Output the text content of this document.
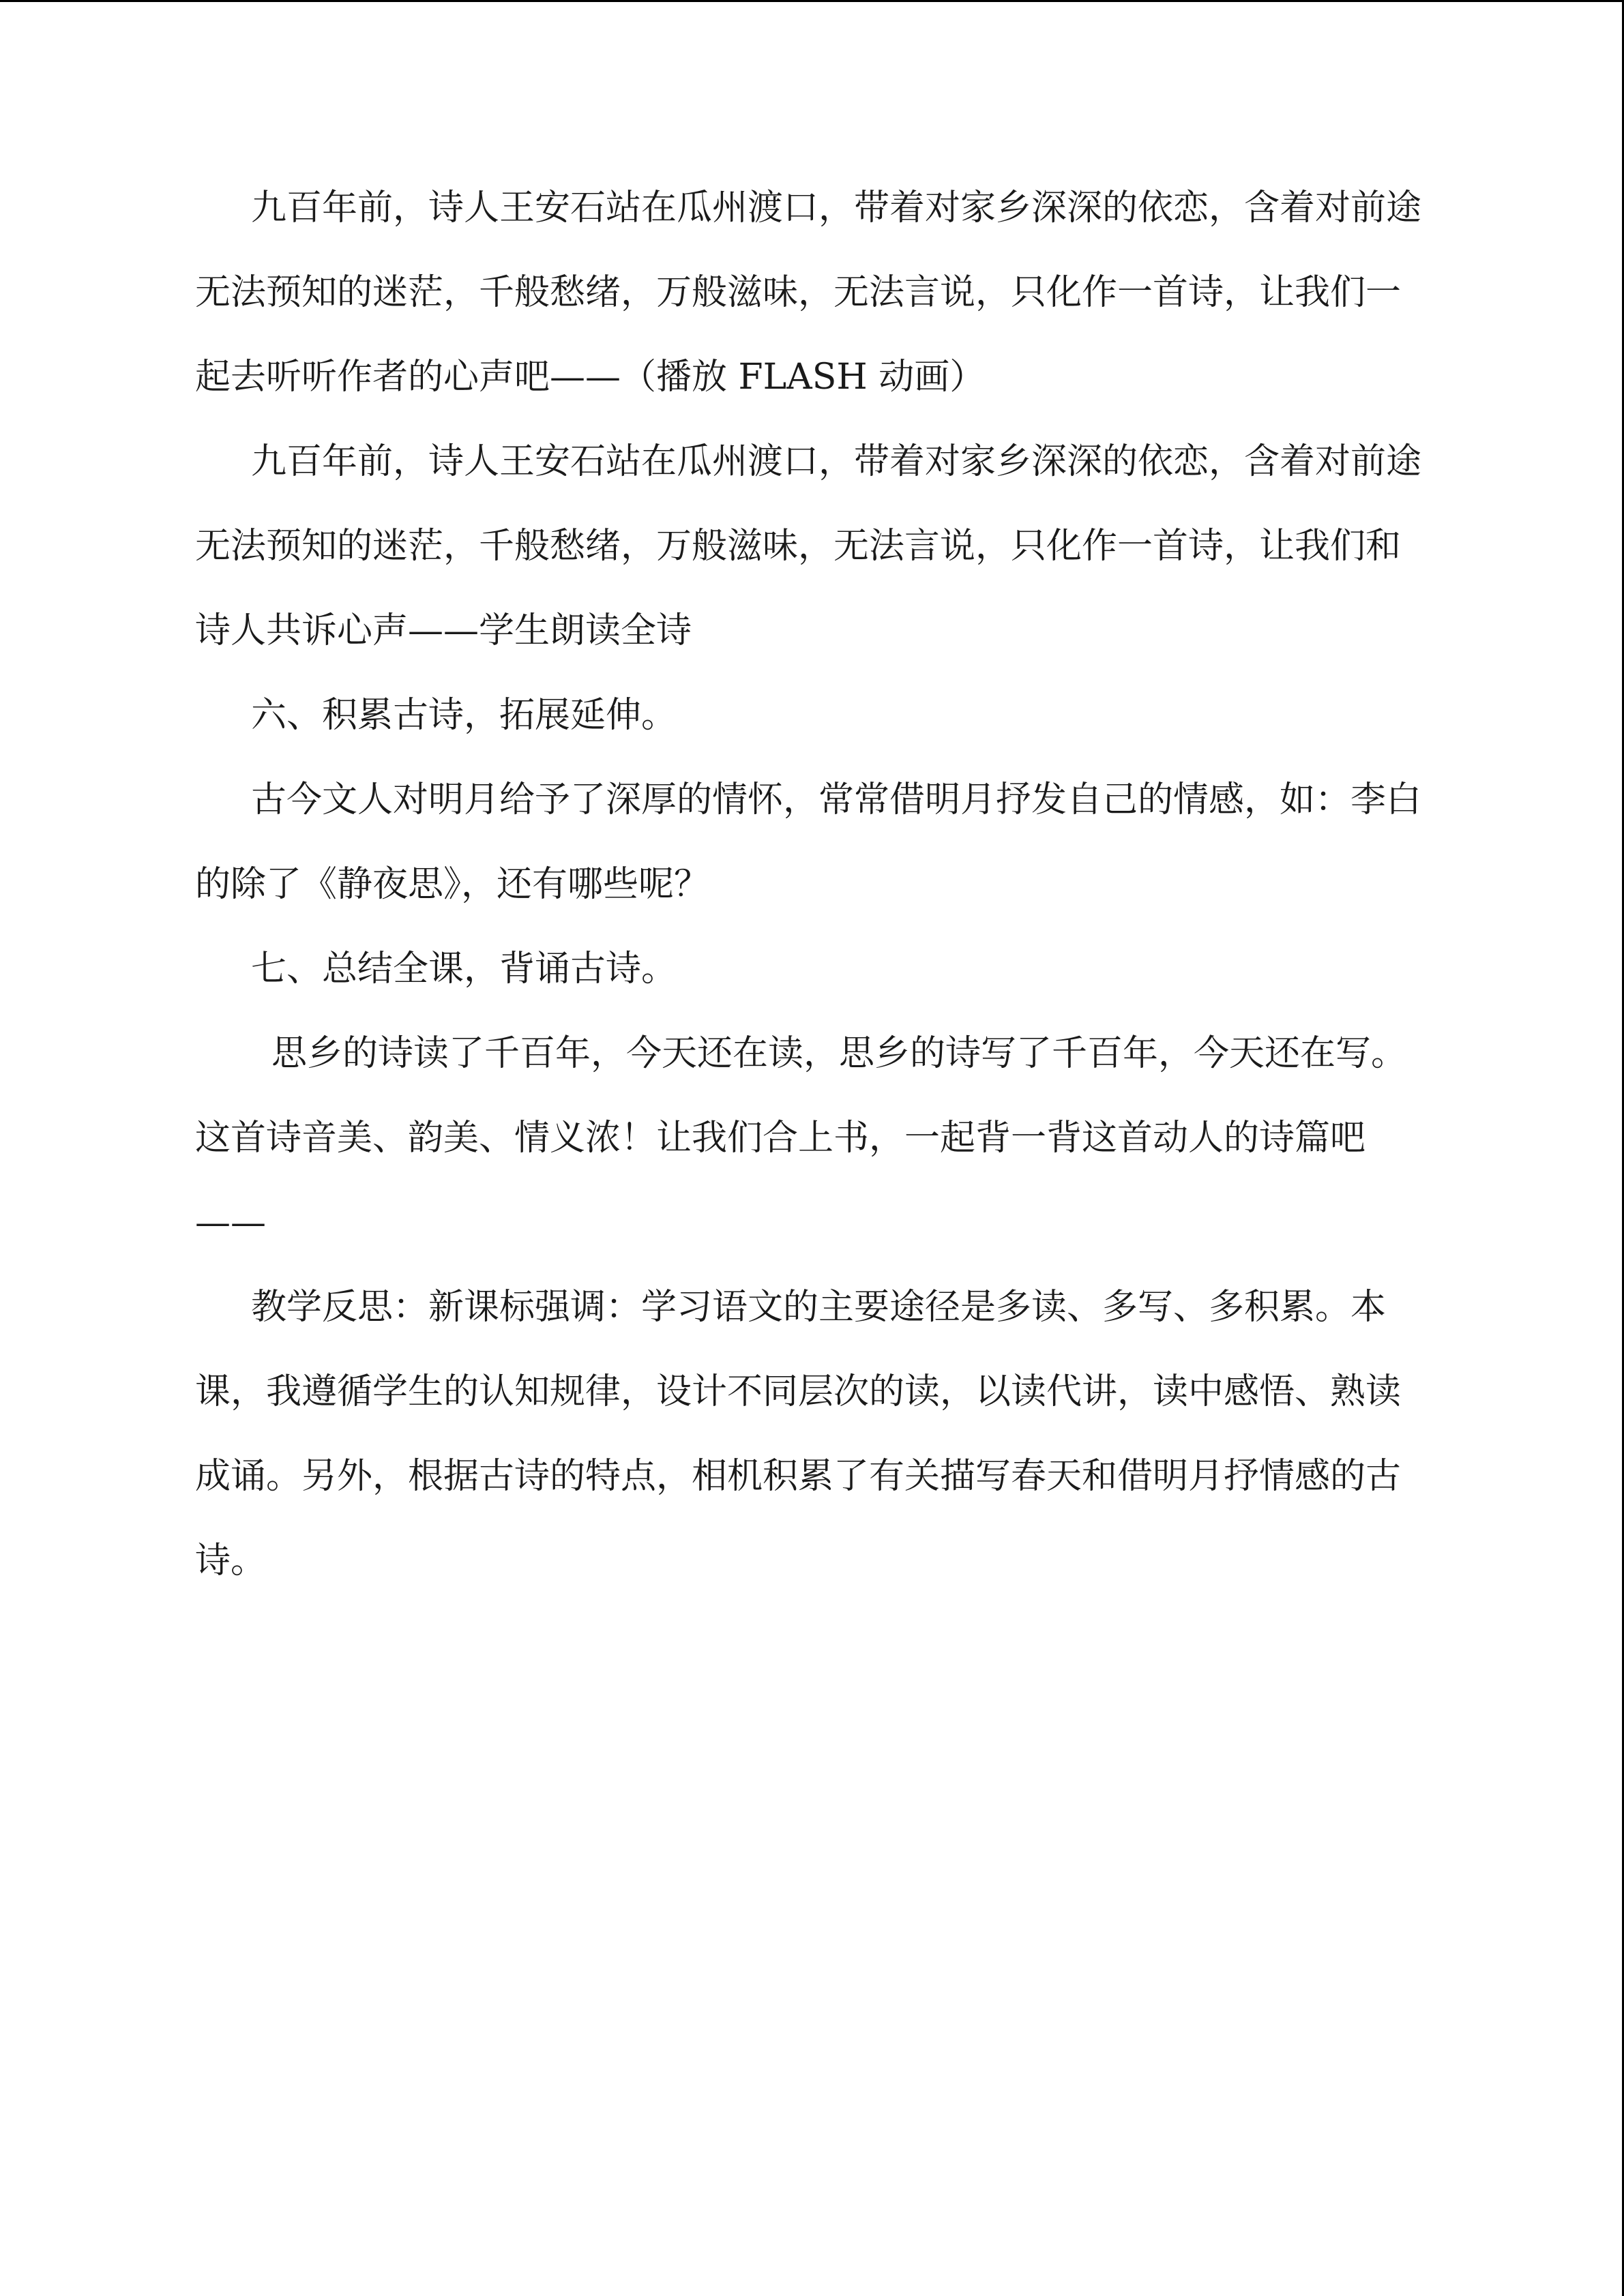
九百年前，诗人王安石站在瓜州渡口，带着对家乡深深的依恋，含着对前途无法预知的迷茫，千般愁绪，万般滋味，无法言说，只化作一首诗，让我们一起去听听作者的心声吧——（播放 FLASH 动画）

九百年前，诗人王安石站在瓜州渡口，带着对家乡深深的依恋，含着对前途无法预知的迷茫，千般愁绪，万般滋味，无法言说，只化作一首诗，让我们和诗人共诉心声——学生朗读全诗

六、积累古诗，拓展延伸。

古今文人对明月给予了深厚的情怀，常常借明月抒发自己的情感，如：李白的除了《静夜思》，还有哪些呢？

七、总结全课，背诵古诗。

思乡的诗读了千百年，今天还在读，思乡的诗写了千百年，今天还在写。这首诗音美、韵美、情义浓！让我们合上书，一起背一背这首动人的诗篇吧——

教学反思：新课标强调：学习语文的主要途径是多读、多写、多积累。本课，我遵循学生的认知规律，设计不同层次的读，以读代讲，读中感悟、熟读成诵。另外，根据古诗的特点，相机积累了有关描写春天和借明月抒情感的古诗。
